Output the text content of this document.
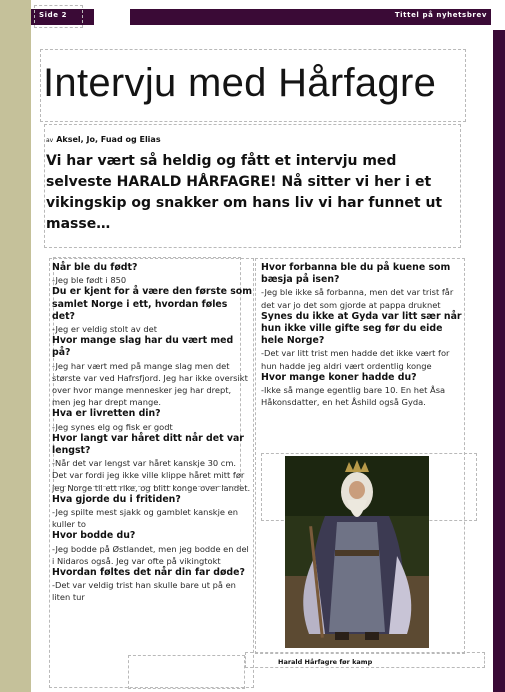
Side 2	Tittel på nyhetsbrev
Intervju med Hårfagre
av Aksel, Jo, Fuad og Elias
Vi har vært så heldig og fått et intervju med selveste HARALD HÅRFAGRE! Nå sitter vi her i et vikingskip og snakker om hans liv vi har funnet ut masse…
Når ble du født?
-Jeg ble født i 850
Du er kjent for å være den første som samlet Norge i ett, hvordan føles det?
-Jeg er veldig stolt av det
Hvor mange slag har du vært med på?
-Jeg har vært med på mange slag men det største var ved Hafrsfjord. Jeg har ikke oversikt over hvor mange mennesker jeg har drept, men jeg har drept mange.
Hva er livretten din?
-Jeg synes elg og fisk er godt
Hvor langt var håret ditt når det var lengst?
-Når det var lengst var håret kanskje 30 cm. Det var fordi jeg ikke ville klippe håret mitt før jeg Norge til ett rike, og blitt konge over landet.
Hva gjorde du i fritiden?
-Jeg spilte mest sjakk og gamblet kanskje en kuller to
Hvor bodde du?
-Jeg bodde på Østlandet, men jeg bodde en del i Nidaros også. Jeg var ofte på vikingtokt
Hvordan føltes det når din far døde?
-Det var veldig trist han skulle bare ut på en liten tur
Hvor forbanna ble du på kuene som bæsja på isen?
-Jeg ble ikke så forbanna, men det var trist får det var jo det som gjorde at pappa druknet
Synes du ikke at Gyda var litt sær når hun ikke ville gifte seg før du eide hele Norge?
-Det var litt trist men hadde det ikke vært for hun hadde jeg aldri vært ordentlig konge
Hvor mange koner hadde du?
-Ikke så mange egentlig bare 10. En het Åsa Håkonsdatter, en het Åshild også Gyda.
Harald Hårfagre før kamp
